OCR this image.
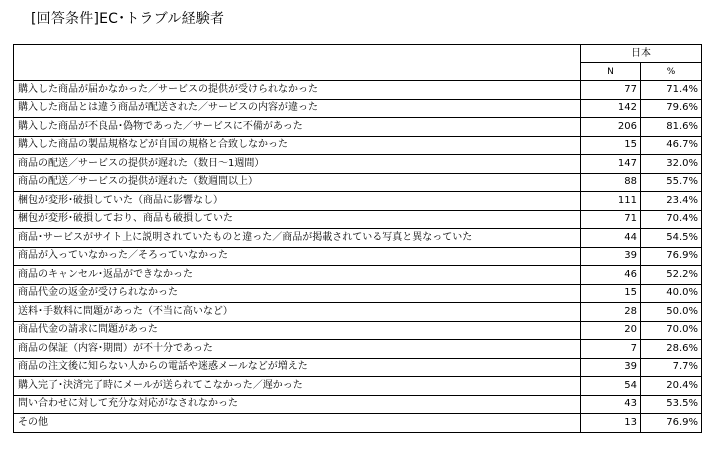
[回答条件]EC･トラブル経験者
	日本	
	N	%
購入した商品が届かなかった／サービスの提供が受けられなかった	77	71.4%
購入した商品とは違う商品が配送された／サービスの内容が違った	142	79.6%
購入した商品が不良品･偽物であった／サービスに不備があった	206	81.6%
購入した商品の製品規格などが自国の規格と合致しなかった	15	46.7%
商品の配送／サービスの提供が遅れた（数日～1週間）	147	32.0%
商品の配送／サービスの提供が遅れた（数週間以上）	88	55.7%
梱包が変形･破損していた（商品に影響なし）	111	23.4%
梱包が変形･破損しており、商品も破損していた	71	70.4%
商品･サービスがサイト上に説明されていたものと違った／商品が掲載されている写真と異なっていた	44	54.5%
商品が入っていなかった／そろっていなかった	39	76.9%
商品のキャンセル･返品ができなかった	46	52.2%
商品代金の返金が受けられなかった	15	40.0%
送料･手数料に問題があった（不当に高いなど）	28	50.0%
商品代金の請求に問題があった	20	70.0%
商品の保証（内容･期間）が不十分であった	7	28.6%
商品の注文後に知らない人からの電話や迷惑メールなどが増えた	39	7.7%
購入完了･決済完了時にメールが送られてこなかった／遅かった	54	20.4%
問い合わせに対して充分な対応がなされなかった	43	53.5%
その他	13	76.9%
